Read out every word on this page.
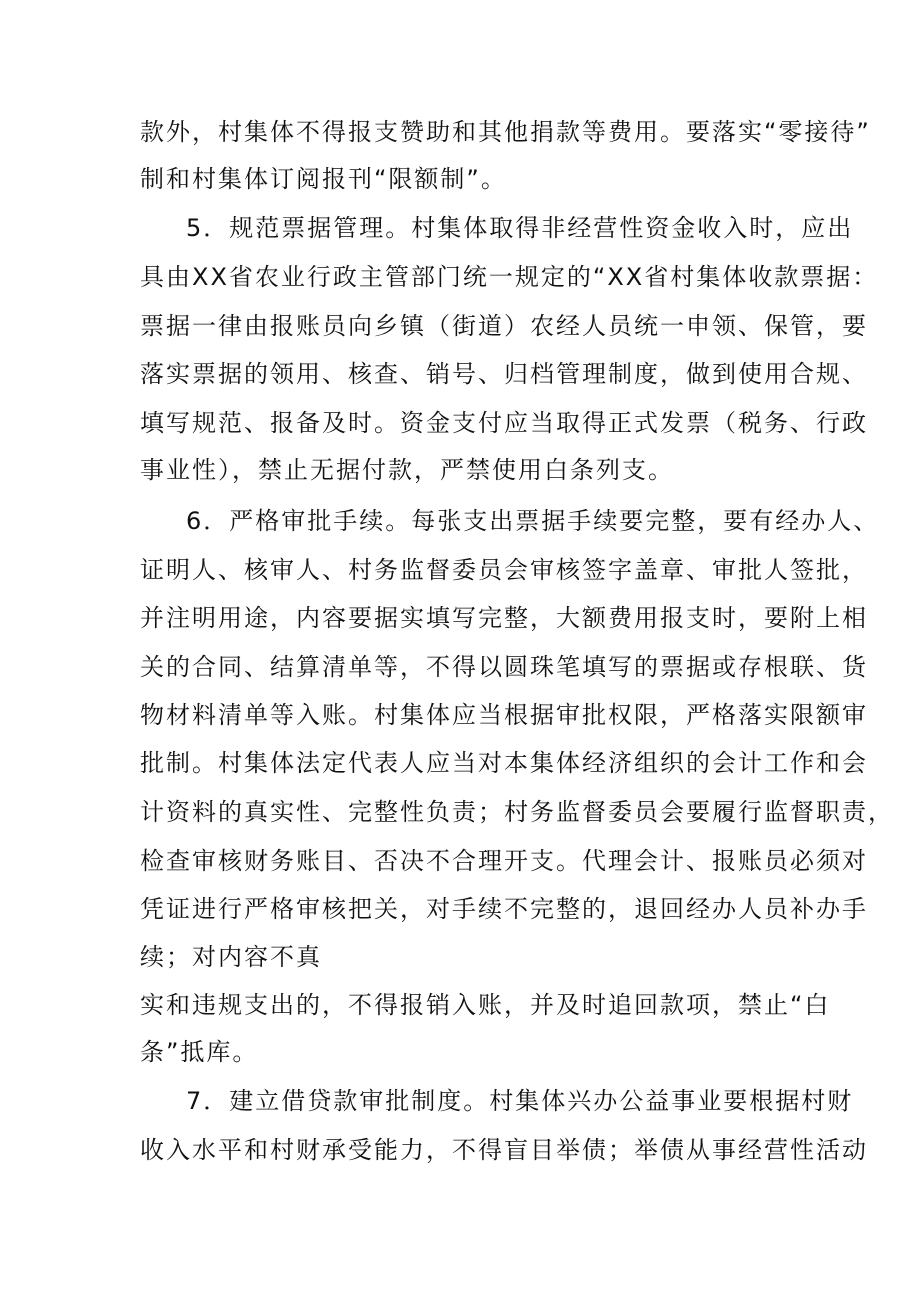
款外，村集体不得报支赞助和其他捐款等费用。要落实“零接待”
制和村集体订阅报刊“限额制”。
5．规范票据管理。村集体取得非经营性资金收入时，应出
具由XX省农业行政主管部门统一规定的“XX省村集体收款票据：
票据一律由报账员向乡镇（街道）农经人员统一申领、保管，要
落实票据的领用、核查、销号、归档管理制度，做到使用合规、
填写规范、报备及时。资金支付应当取得正式发票（税务、行政
事业性），禁止无据付款，严禁使用白条列支。
6．严格审批手续。每张支出票据手续要完整，要有经办人、
证明人、核审人、村务监督委员会审核签字盖章、审批人签批，
并注明用途，内容要据实填写完整，大额费用报支时，要附上相
关的合同、结算清单等，不得以圆珠笔填写的票据或存根联、货
物材料清单等入账。村集体应当根据审批权限，严格落实限额审
批制。村集体法定代表人应当对本集体经济组织的会计工作和会
计资料的真实性、完整性负责；村务监督委员会要履行监督职责，
检查审核财务账目、否决不合理开支。代理会计、报账员必须对
凭证进行严格审核把关，对手续不完整的，退回经办人员补办手
续；对内容不真
实和违规支出的，不得报销入账，并及时追回款项，禁止“白
条”抵库。
7．建立借贷款审批制度。村集体兴办公益事业要根据村财
收入水平和村财承受能力，不得盲目举债；举债从事经营性活动
